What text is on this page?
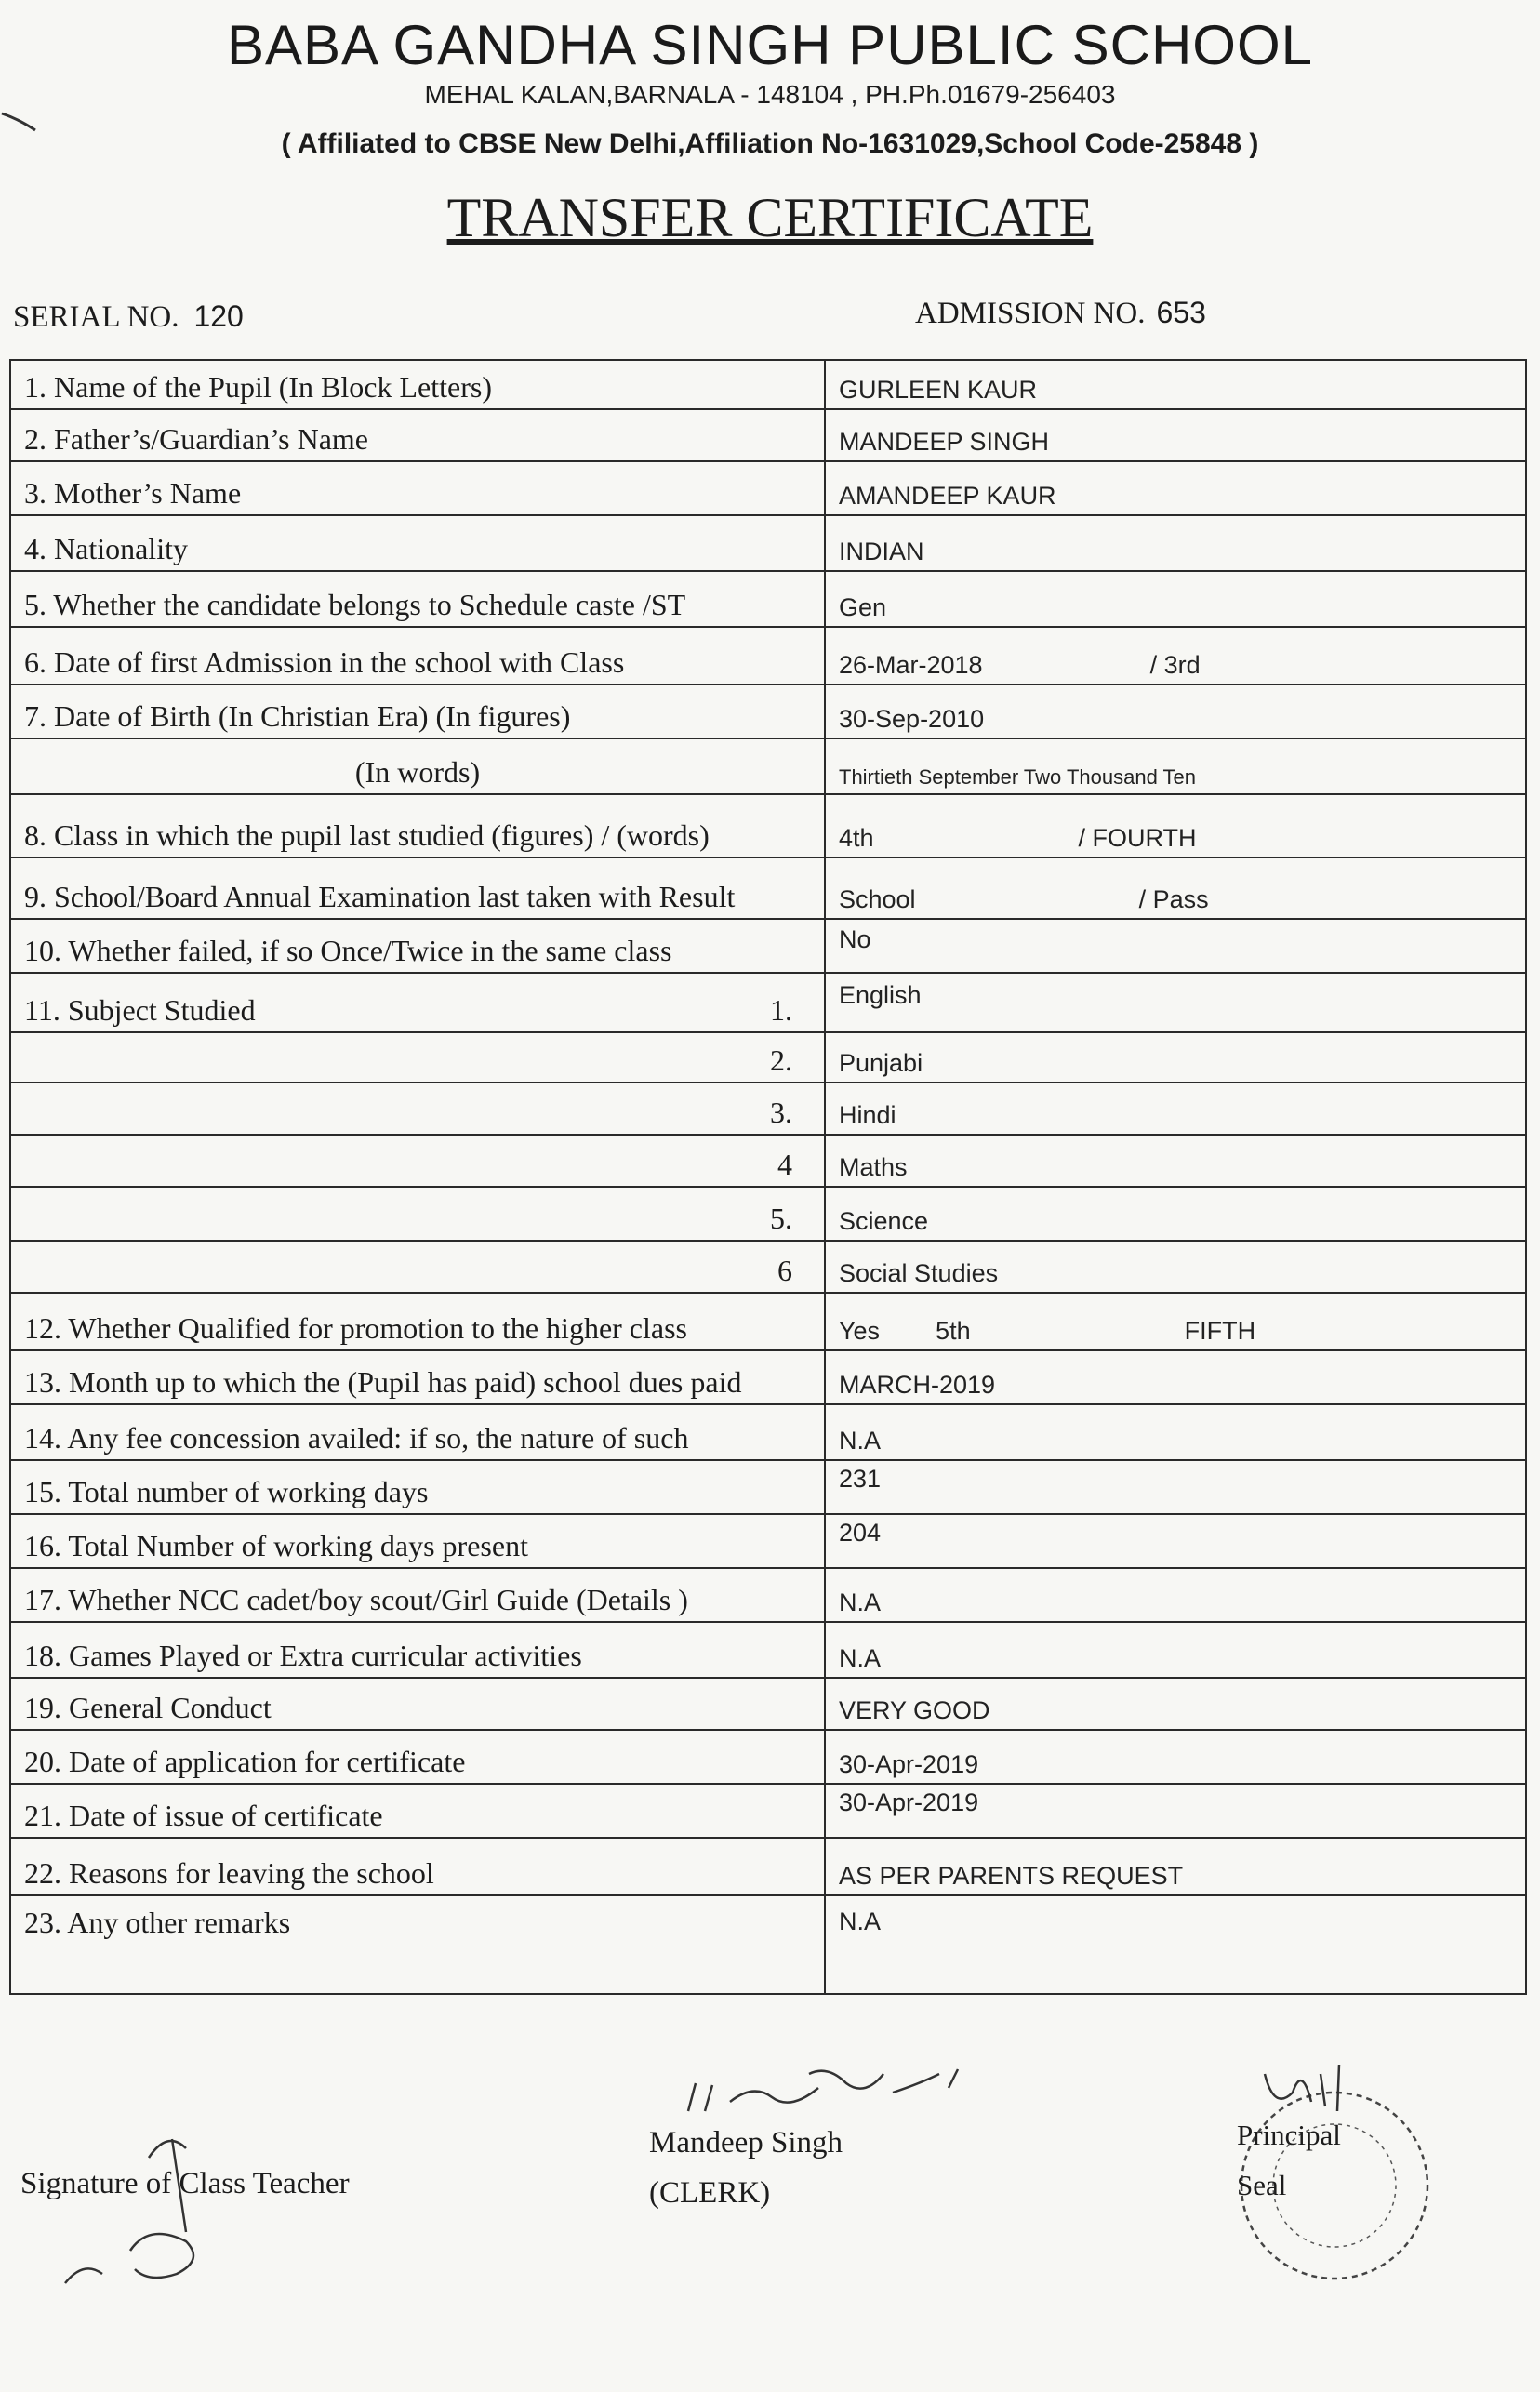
BABA GANDHA SINGH PUBLIC SCHOOL
MEHAL KALAN,BARNALA - 148104 , PH.Ph.01679-256403
( Affiliated to CBSE New Delhi,Affiliation No-1631029,School Code-25848 )
TRANSFER CERTIFICATE
SERIAL NO. 120	ADMISSION NO. 653
1. Name of the Pupil (In Block Letters)	GURLEEN KAUR
2. Father’s/Guardian’s Name	MANDEEP SINGH
3. Mother’s Name	AMANDEEP KAUR
4. Nationality	INDIAN
5. Whether the candidate belongs to Schedule caste /ST	Gen
6. Date of first Admission in the school with Class	26-Mar-2018 / 3rd
7. Date of Birth (In Christian Era) (In figures)	30-Sep-2010

(In words)	Thirtieth September Two Thousand Ten
8. Class in which the pupil last studied (figures) / (words)	4th / FOURTH
9. School/Board Annual Examination last taken with Result	School / Pass
10. Whether failed, if so Once/Twice in the same class	No
11. Subject Studied 1.	English

2.	Punjabi

3.	Hindi

4	Maths

5.	Science

6	Social Studies
12. Whether Qualified for promotion to the higher class	Yes 5th FIFTH
13. Month up to which the (Pupil has paid) school dues paid	MARCH-2019
14. Any fee concession availed: if so, the nature of such	N.A
15. Total number of working days	231
16. Total Number of working days present	204
17. Whether NCC cadet/boy scout/Girl Guide (Details )	N.A
18. Games Played or Extra curricular activities	N.A
19. General Conduct	VERY GOOD
20. Date of application for certificate	30-Apr-2019
21. Date of issue of certificate	30-Apr-2019
22. Reasons for leaving the school	AS PER PARENTS REQUEST
23. Any other remarks	N.A
Signature of Class Teacher
Mandeep Singh
(CLERK)
Principal
Seal
